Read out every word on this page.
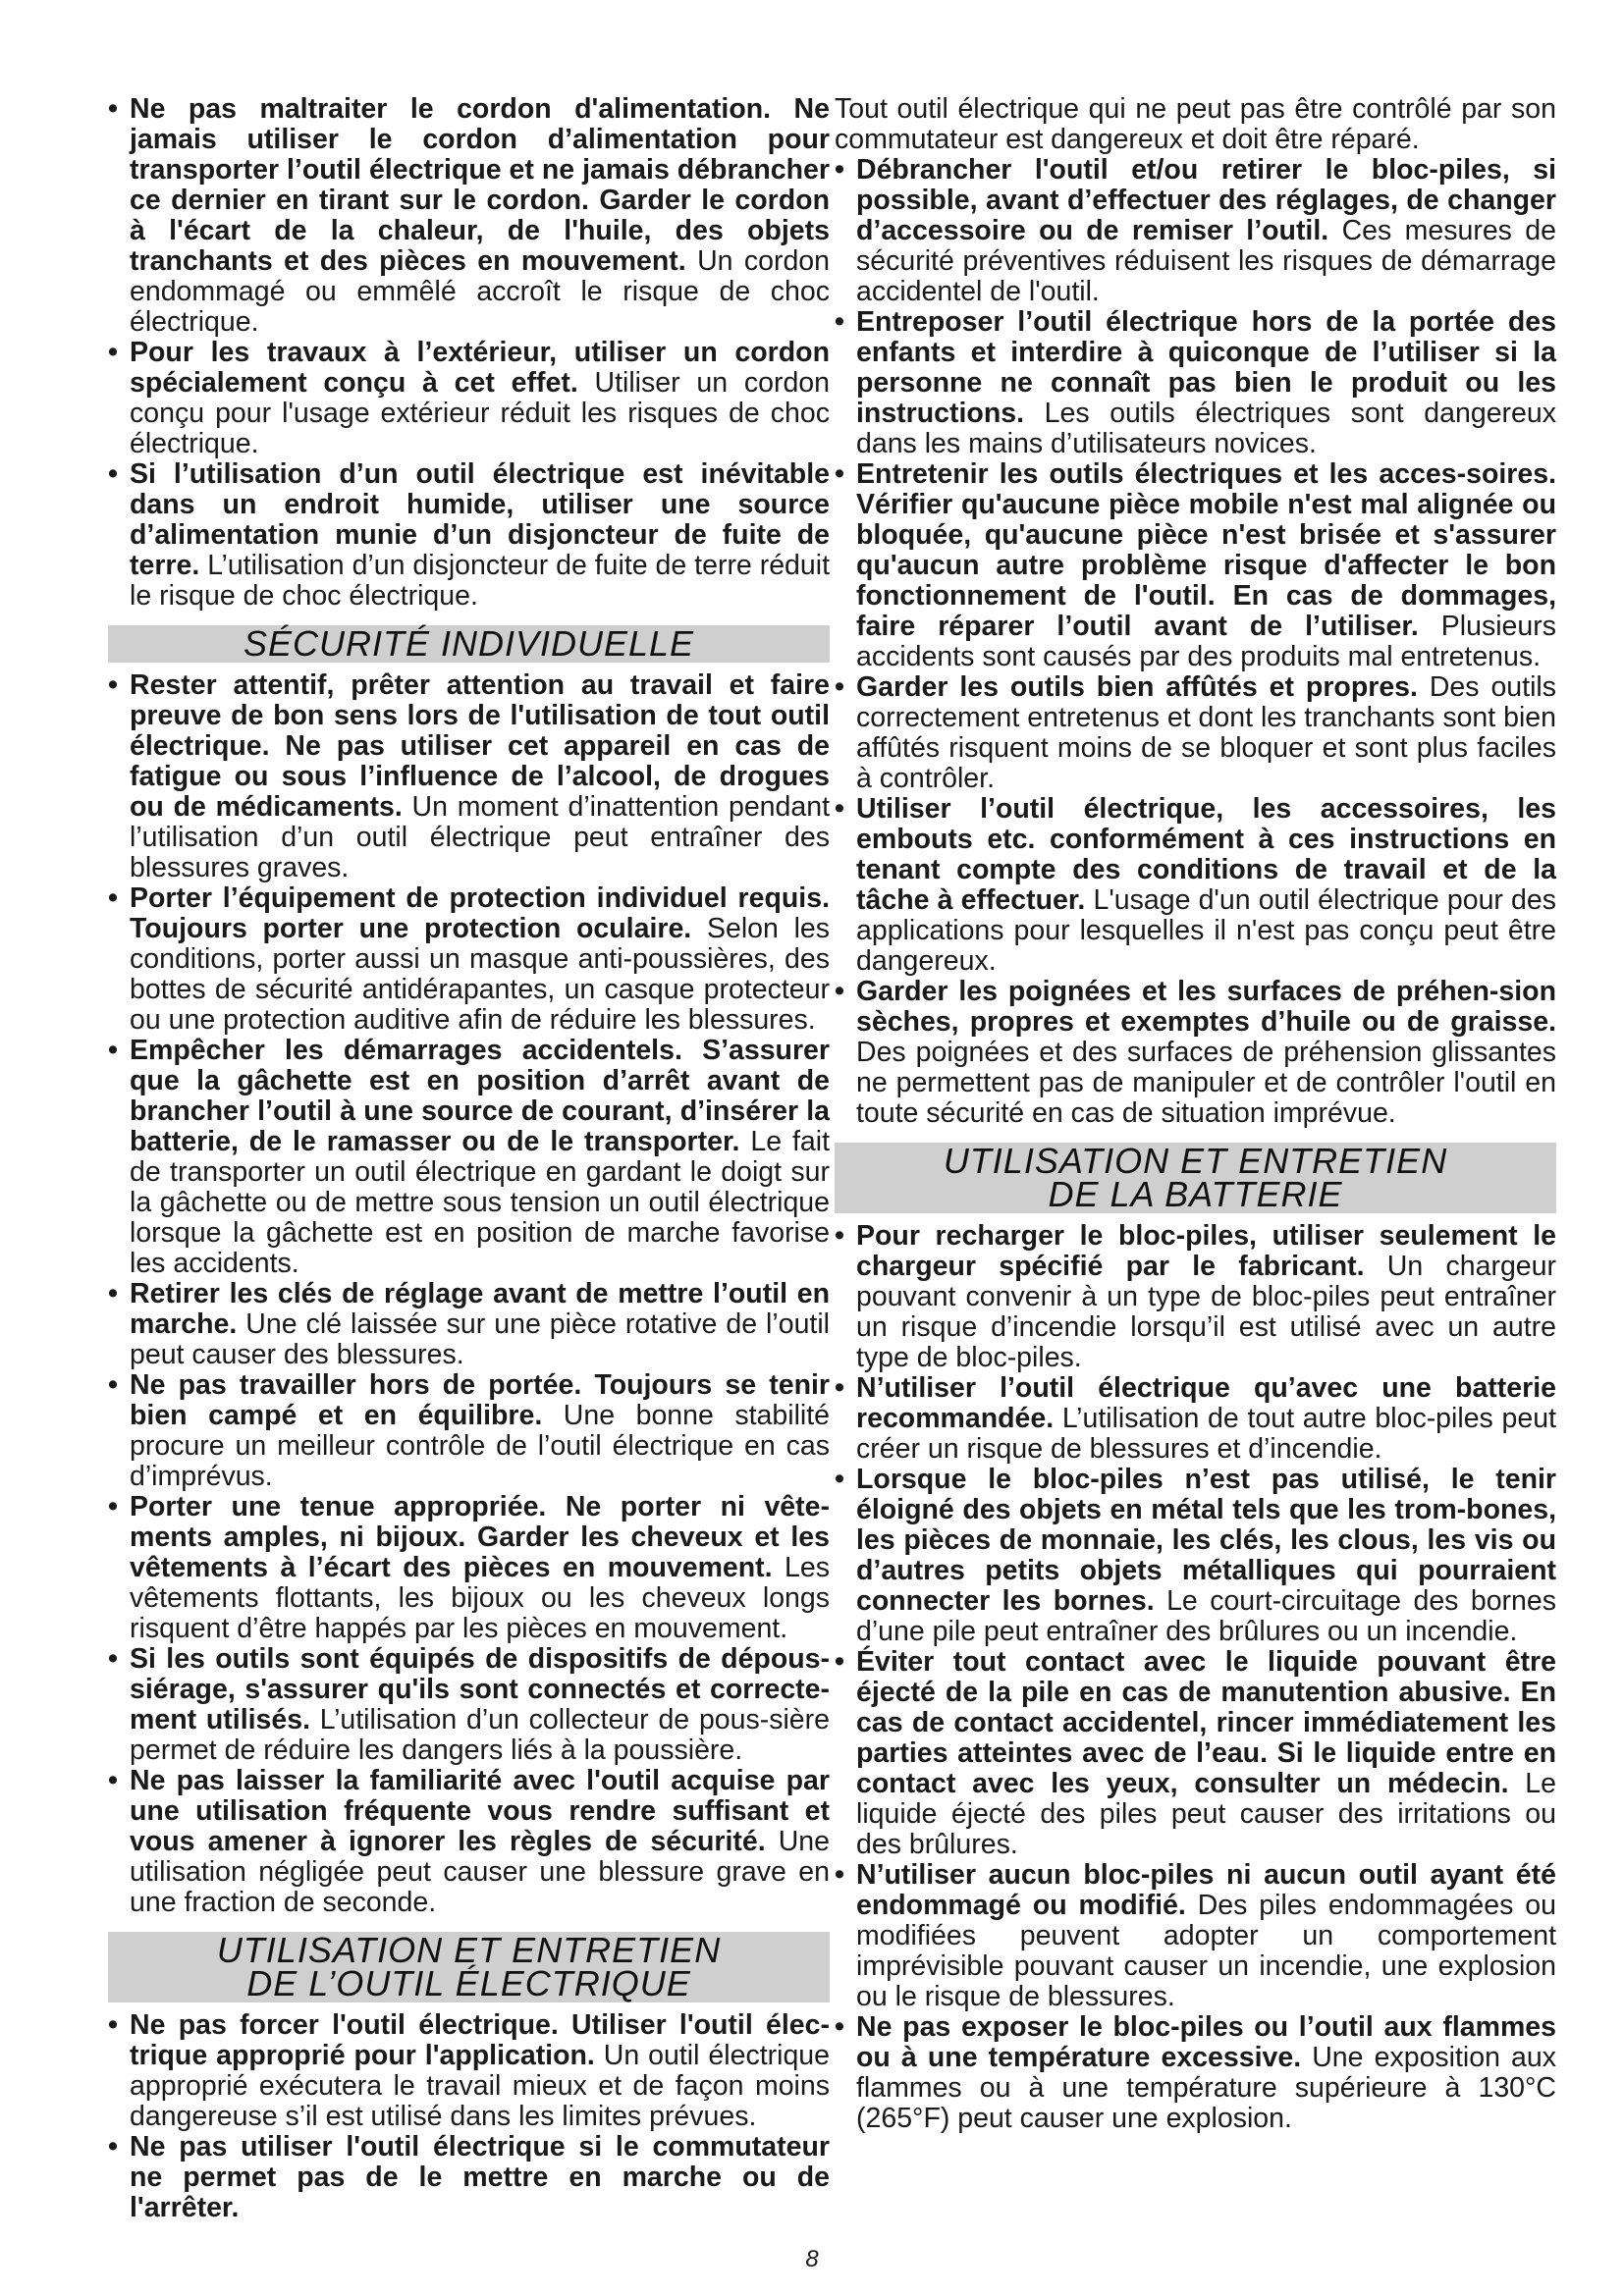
• Ne pas maltraiter le cordon d'alimentation. Ne jamais utiliser le cordon d’alimentation pour transporter l’outil électrique et ne jamais débrancher ce dernier en tirant sur le cordon. Garder le cordon à l'écart de la chaleur, de l'huile, des objets tranchants et des pièces en mouvement. Un cordon endommagé ou emmêlé accroît le risque de choc électrique.

• Pour les travaux à l’extérieur, utiliser un cordon spécialement conçu à cet effet. Utiliser un cordon conçu pour l'usage extérieur réduit les risques de choc électrique.

• Si l’utilisation d’un outil électrique est inévitable dans un endroit humide, utiliser une source d’alimentation munie d’un disjoncteur de fuite de terre. L’utilisation d’un disjoncteur de fuite de terre réduit le risque de choc électrique.

SÉCURITÉ INDIVIDUELLE

• Rester attentif, prêter attention au travail et faire preuve de bon sens lors de l'utilisation de tout outil électrique. Ne pas utiliser cet appareil en cas de fatigue ou sous l’influence de l’alcool, de drogues ou de médicaments. Un moment d’inattention pendant l’utilisation d’un outil électrique peut entraîner des blessures graves.

• Porter l’équipement de protection individuel requis. Toujours porter une protection oculaire. Selon les conditions, porter aussi un masque anti-poussières, des bottes de sécurité antidérapantes, un casque protecteur ou une protection auditive afin de réduire les blessures.

• Empêcher les démarrages accidentels. S’assurer que la gâchette est en position d’arrêt avant de brancher l’outil à une source de courant, d’insérer la batterie, de le ramasser ou de le transporter. Le fait de transporter un outil électrique en gardant le doigt sur la gâchette ou de mettre sous tension un outil électrique lorsque la gâchette est en position de marche favorise les accidents.

• Retirer les clés de réglage avant de mettre l’outil en marche. Une clé laissée sur une pièce rotative de l’outil peut causer des blessures.

• Ne pas travailler hors de portée. Toujours se tenir bien campé et en équilibre. Une bonne stabilité procure un meilleur contrôle de l’outil électrique en cas d’imprévus.

• Porter une tenue appropriée. Ne porter ni vête-ments amples, ni bijoux. Garder les cheveux et les vêtements à l’écart des pièces en mouvement. Les vêtements flottants, les bijoux ou les cheveux longs risquent d’être happés par les pièces en mouvement.

• Si les outils sont équipés de dispositifs de dépous-siérage, s'assurer qu'ils sont connectés et correcte-ment utilisés. L’utilisation d’un collecteur de pous-sière permet de réduire les dangers liés à la poussière.

• Ne pas laisser la familiarité avec l'outil acquise par une utilisation fréquente vous rendre suffisant et vous amener à ignorer les règles de sécurité. Une utilisation négligée peut causer une blessure grave en une fraction de seconde.

UTILISATION ET ENTRETIEN
DE L’OUTIL ÉLECTRIQUE

• Ne pas forcer l'outil électrique. Utiliser l'outil élec-trique approprié pour l'application. Un outil électrique approprié exécutera le travail mieux et de façon moins dangereuse s’il est utilisé dans les limites prévues.

• Ne pas utiliser l'outil électrique si le commutateur ne permet pas de le mettre en marche ou de l'arrêter.

Tout outil électrique qui ne peut pas être contrôlé par son commutateur est dangereux et doit être réparé.

• Débrancher l'outil et/ou retirer le bloc-piles, si possible, avant d’effectuer des réglages, de changer d’accessoire ou de remiser l’outil. Ces mesures de sécurité préventives réduisent les risques de démarrage accidentel de l'outil.

• Entreposer l’outil électrique hors de la portée des enfants et interdire à quiconque de l’utiliser si la personne ne connaît pas bien le produit ou les instructions. Les outils électriques sont dangereux dans les mains d’utilisateurs novices.

• Entretenir les outils électriques et les acces-soires. Vérifier qu'aucune pièce mobile n'est mal alignée ou bloquée, qu'aucune pièce n'est brisée et s'assurer qu'aucun autre problème risque d'affecter le bon fonctionnement de l'outil. En cas de dommages, faire réparer l’outil avant de l’utiliser. Plusieurs accidents sont causés par des produits mal entretenus.

• Garder les outils bien affûtés et propres. Des outils correctement entretenus et dont les tranchants sont bien affûtés risquent moins de se bloquer et sont plus faciles à contrôler.

• Utiliser l’outil électrique, les accessoires, les embouts etc. conformément à ces instructions en tenant compte des conditions de travail et de la tâche à effectuer. L'usage d'un outil électrique pour des applications pour lesquelles il n'est pas conçu peut être dangereux.

• Garder les poignées et les surfaces de préhen-sion sèches, propres et exemptes d’huile ou de graisse. Des poignées et des surfaces de préhension glissantes ne permettent pas de manipuler et de contrôler l'outil en toute sécurité en cas de situation imprévue.

UTILISATION ET ENTRETIEN
DE LA BATTERIE

• Pour recharger le bloc-piles, utiliser seulement le chargeur spécifié par le fabricant. Un chargeur pouvant convenir à un type de bloc-piles peut entraîner un risque d’incendie lorsqu’il est utilisé avec un autre type de bloc-piles.

• N’utiliser l’outil électrique qu’avec une batterie recommandée. L’utilisation de tout autre bloc-piles peut créer un risque de blessures et d’incendie.

• Lorsque le bloc-piles n’est pas utilisé, le tenir éloigné des objets en métal tels que les trom-bones, les pièces de monnaie, les clés, les clous, les vis ou d’autres petits objets métalliques qui pourraient connecter les bornes. Le court-circuitage des bornes d’une pile peut entraîner des brûlures ou un incendie.

• Éviter tout contact avec le liquide pouvant être éjecté de la pile en cas de manutention abusive. En cas de contact accidentel, rincer immédiatement les parties atteintes avec de l’eau. Si le liquide entre en contact avec les yeux, consulter un médecin. Le liquide éjecté des piles peut causer des irritations ou des brûlures.

• N’utiliser aucun bloc-piles ni aucun outil ayant été endommagé ou modifié. Des piles endommagées ou modifiées peuvent adopter un comportement imprévisible pouvant causer un incendie, une explosion ou le risque de blessures.

• Ne pas exposer le bloc-piles ou l’outil aux flammes ou à une température excessive. Une exposition aux flammes ou à une température supérieure à 130°C (265°F) peut causer une explosion.

8
